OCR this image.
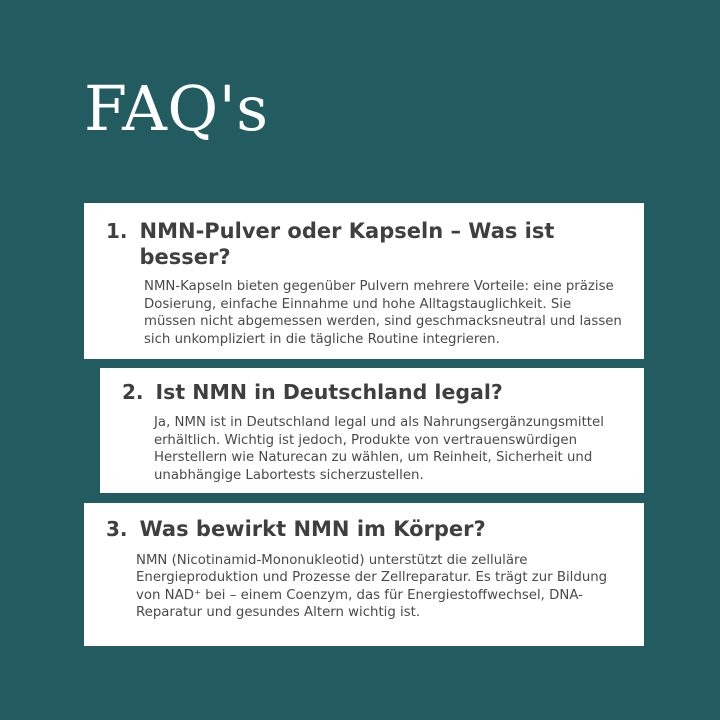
FAQ's
1. NMN-Pulver oder Kapseln – Was ist besser?
NMN-Kapseln bieten gegenüber Pulvern mehrere Vorteile: eine präzise Dosierung, einfache Einnahme und hohe Alltagstauglichkeit. Sie müssen nicht abgemessen werden, sind geschmacksneutral und lassen sich unkompliziert in die tägliche Routine integrieren.
2. Ist NMN in Deutschland legal?
Ja, NMN ist in Deutschland legal und als Nahrungsergänzungsmittel erhältlich. Wichtig ist jedoch, Produkte von vertrauenswürdigen Herstellern wie Naturecan zu wählen, um Reinheit, Sicherheit und unabhängige Labortests sicherzustellen.
3. Was bewirkt NMN im Körper?
NMN (Nicotinamid-Mononukleotid) unterstützt die zelluläre Energieproduktion und Prozesse der Zellreparatur. Es trägt zur Bildung von NAD⁺ bei – einem Coenzym, das für Energiestoffwechsel, DNA-Reparatur und gesundes Altern wichtig ist.
